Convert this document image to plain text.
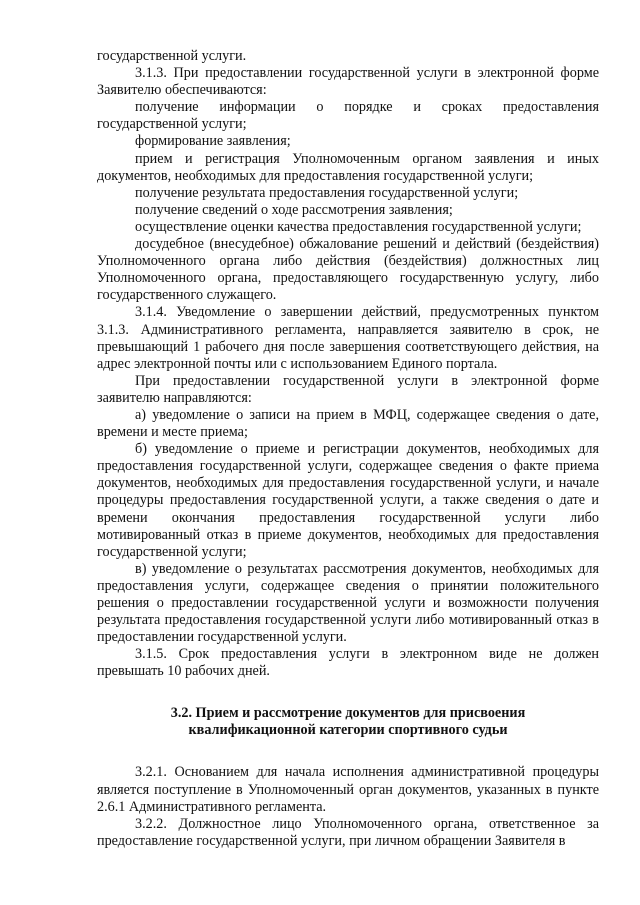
государственной услуги.

3.1.3. При предоставлении государственной услуги в электронной форме Заявителю обеспечиваются:

получение информации о порядке и сроках предоставления государственной услуги;

формирование заявления;

прием и регистрация Уполномоченным органом заявления и иных документов, необходимых для предоставления государственной услуги;

получение результата предоставления государственной услуги;

получение сведений о ходе рассмотрения заявления;

осуществление оценки качества предоставления государственной услуги;

досудебное (внесудебное) обжалование решений и действий (бездействия) Уполномоченного органа либо действия (бездействия) должностных лиц Уполномоченного органа, предоставляющего государственную услугу, либо государственного служащего.

3.1.4. Уведомление о завершении действий, предусмотренных пунктом 3.1.3. Административного регламента, направляется заявителю в срок, не превышающий 1 рабочего дня после завершения соответствующего действия, на адрес электронной почты или с использованием Единого портала.

При предоставлении государственной услуги в электронной форме заявителю направляются:

а) уведомление о записи на прием в МФЦ, содержащее сведения о дате, времени и месте приема;

б) уведомление о приеме и регистрации документов, необходимых для предоставления государственной услуги, содержащее сведения о факте приема документов, необходимых для предоставления государственной услуги, и начале процедуры предоставления государственной услуги, а также сведения о дате и времени окончания предоставления государственной услуги либо мотивированный отказ в приеме документов, необходимых для предоставления государственной услуги;

в) уведомление о результатах рассмотрения документов, необходимых для предоставления услуги, содержащее сведения о принятии положительного решения о предоставлении государственной услуги и возможности получения результата предоставления государственной услуги либо мотивированный отказ в предоставлении государственной услуги.

3.1.5. Срок предоставления услуги в электронном виде не должен превышать 10 рабочих дней.

3.2. Прием и рассмотрение документов для присвоения
квалификационной категории спортивного судьи

3.2.1. Основанием для начала исполнения административной процедуры является поступление в Уполномоченный орган документов, указанных в пункте 2.6.1 Административного регламента.

3.2.2. Должностное лицо Уполномоченного органа, ответственное за предоставление государственной услуги, при личном обращении Заявителя в
